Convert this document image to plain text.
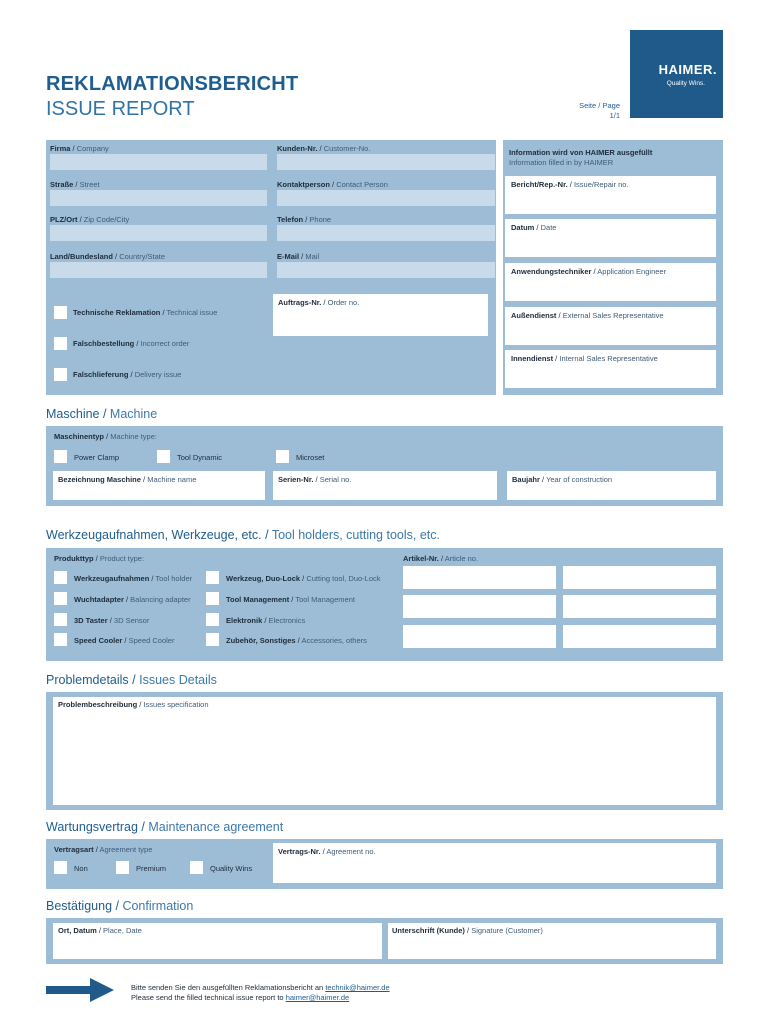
REKLAMATIONSBERICHT
ISSUE REPORT
HAIMER.
Quality Wins.
Seite / Page
1/1
Firma / Company	Kunden-Nr. / Customer-No.
Straße / Street	Kontaktperson / Contact Person
PLZ/Ort / Zip Code/City	Telefon / Phone
Land/Bundesland / Country/State	E-Mail / Mail
Technische Reklamation / Technical issue
Falschbestellung / Incorrect order
Falschlieferung / Delivery issue
Auftrags-Nr. / Order no.
Information wird von HAIMER ausgefüllt
Information filled in by HAIMER
Bericht/Rep.-Nr. / Issue/Repair no.
Datum / Date
Anwendungstechniker / Application Engineer
Außendienst / External Sales Representative
Innendienst / Internal Sales Representative
Maschine / Machine
Maschinentyp / Machine type:
Power Clamp	Tool Dynamic	Microset
Bezeichnung Maschine / Machine name	Serien-Nr. / Serial no.	Baujahr / Year of construction
Werkzeugaufnahmen, Werkzeuge, etc. / Tool holders, cutting tools, etc.
Produkttyp / Product type:	Artikel-Nr. / Article no.
Werkzeugaufnahmen / Tool holder
Wuchtadapter / Balancing adapter
3D Taster / 3D Sensor
Speed Cooler / Speed Cooler
Werkzeug, Duo-Lock / Cutting tool, Duo-Lock
Tool Management / Tool Management
Elektronik / Electronics
Zubehör, Sonstiges / Accessories, others
Problemdetails / Issues Details
Problembeschreibung / Issues specification
Wartungsvertrag / Maintenance agreement
Vertragsart / Agreement type
Non	Premium	Quality Wins
Vertrags-Nr. / Agreement no.
Bestätigung / Confirmation
Ort, Datum / Place, Date	Unterschrift (Kunde) / Signature (Customer)
Bitte senden Sie den ausgefüllten Reklamationsbericht an technik@haimer.de
Please send the filled technical issue report to haimer@haimer.de
